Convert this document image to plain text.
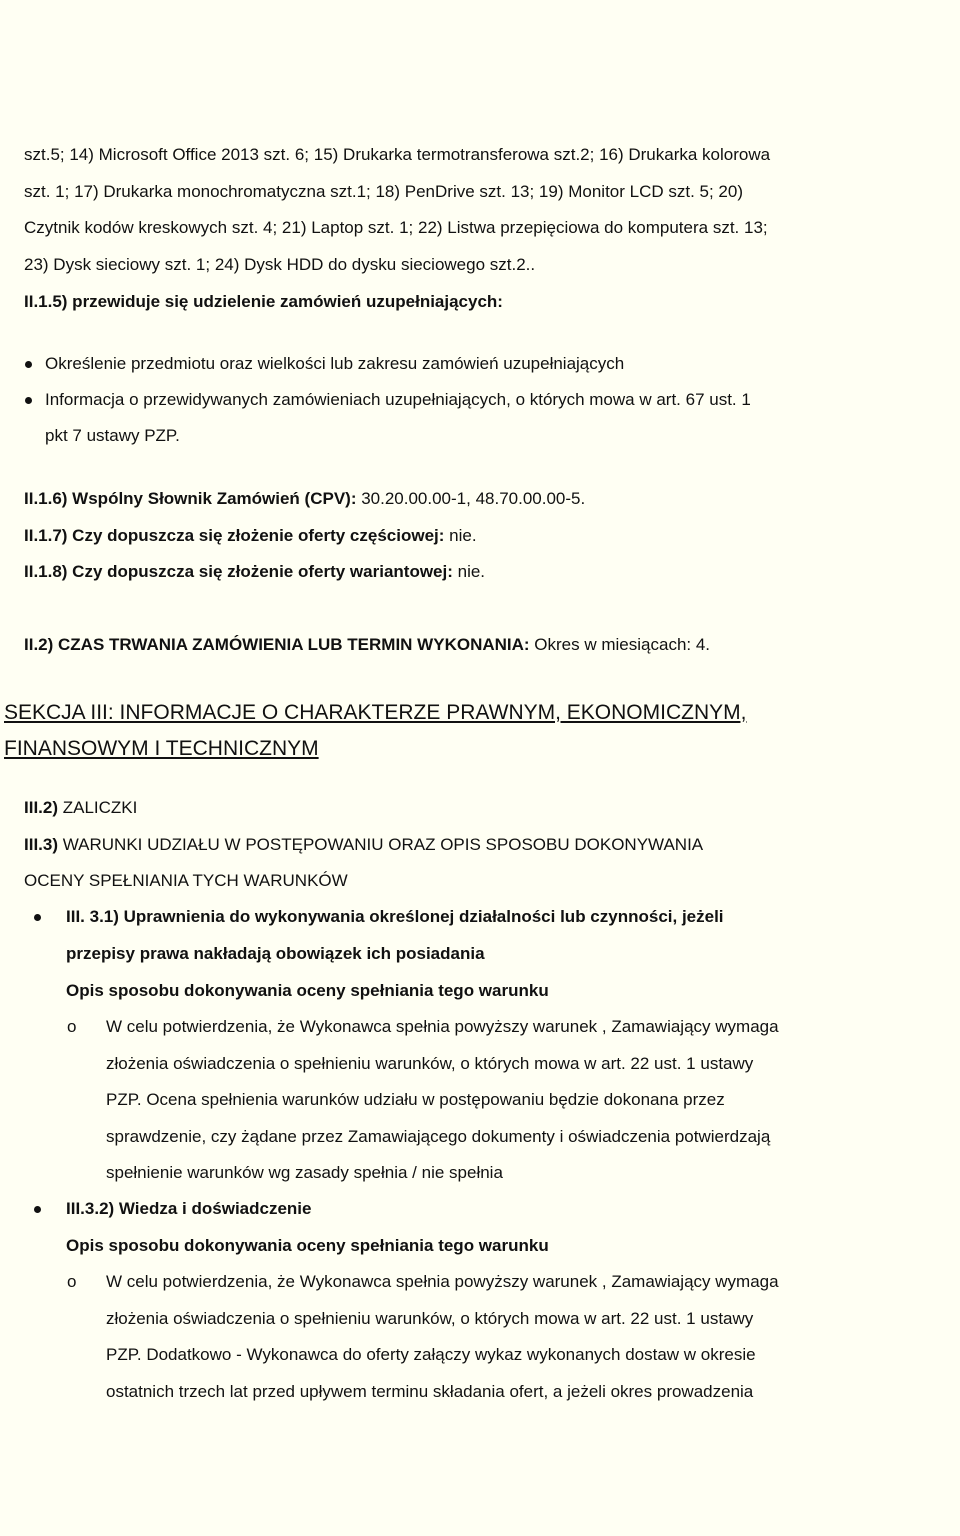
szt.5; 14) Microsoft Office 2013 szt. 6; 15) Drukarka termotransferowa szt.2; 16) Drukarka kolorowa

szt. 1; 17) Drukarka monochromatyczna szt.1; 18) PenDrive szt. 13; 19) Monitor LCD szt. 5; 20)

Czytnik kodów kreskowych szt. 4; 21) Laptop szt. 1; 22) Listwa przepięciowa do komputera szt. 13;

23) Dysk sieciowy szt. 1; 24) Dysk HDD do dysku sieciowego szt.2..

II.1.5) przewiduje się udzielenie zamówień uzupełniających:

Określenie przedmiotu oraz wielkości lub zakresu zamówień uzupełniających

Informacja o przewidywanych zamówieniach uzupełniających, o których mowa w art. 67 ust. 1

pkt 7 ustawy PZP.

II.1.6) Wspólny Słownik Zamówień (CPV): 30.20.00.00-1, 48.70.00.00-5.

II.1.7) Czy dopuszcza się złożenie oferty częściowej: nie.

II.1.8) Czy dopuszcza się złożenie oferty wariantowej: nie.

II.2) CZAS TRWANIA ZAMÓWIENIA LUB TERMIN WYKONANIA: Okres w miesiącach: 4.

SEKCJA III: INFORMACJE O CHARAKTERZE PRAWNYM, EKONOMICZNYM,

FINANSOWYM I TECHNICZNYM

III.2) ZALICZKI

III.3) WARUNKI UDZIAŁU W POSTĘPOWANIU ORAZ OPIS SPOSOBU DOKONYWANIA

OCENY SPEŁNIANIA TYCH WARUNKÓW

III. 3.1) Uprawnienia do wykonywania określonej działalności lub czynności, jeżeli

przepisy prawa nakładają obowiązek ich posiadania

Opis sposobu dokonywania oceny spełniania tego warunku

o W celu potwierdzenia, że Wykonawca spełnia powyższy warunek , Zamawiający wymaga

złożenia oświadczenia o spełnieniu warunków, o których mowa w art. 22 ust. 1 ustawy

PZP. Ocena spełnienia warunków udziału w postępowaniu będzie dokonana przez

sprawdzenie, czy żądane przez Zamawiającego dokumenty i oświadczenia potwierdzają

spełnienie warunków wg zasady spełnia / nie spełnia

III.3.2) Wiedza i doświadczenie

Opis sposobu dokonywania oceny spełniania tego warunku

o W celu potwierdzenia, że Wykonawca spełnia powyższy warunek , Zamawiający wymaga

złożenia oświadczenia o spełnieniu warunków, o których mowa w art. 22 ust. 1 ustawy

PZP. Dodatkowo - Wykonawca do oferty załączy wykaz wykonanych dostaw w okresie

ostatnich trzech lat przed upływem terminu składania ofert, a jeżeli okres prowadzenia
